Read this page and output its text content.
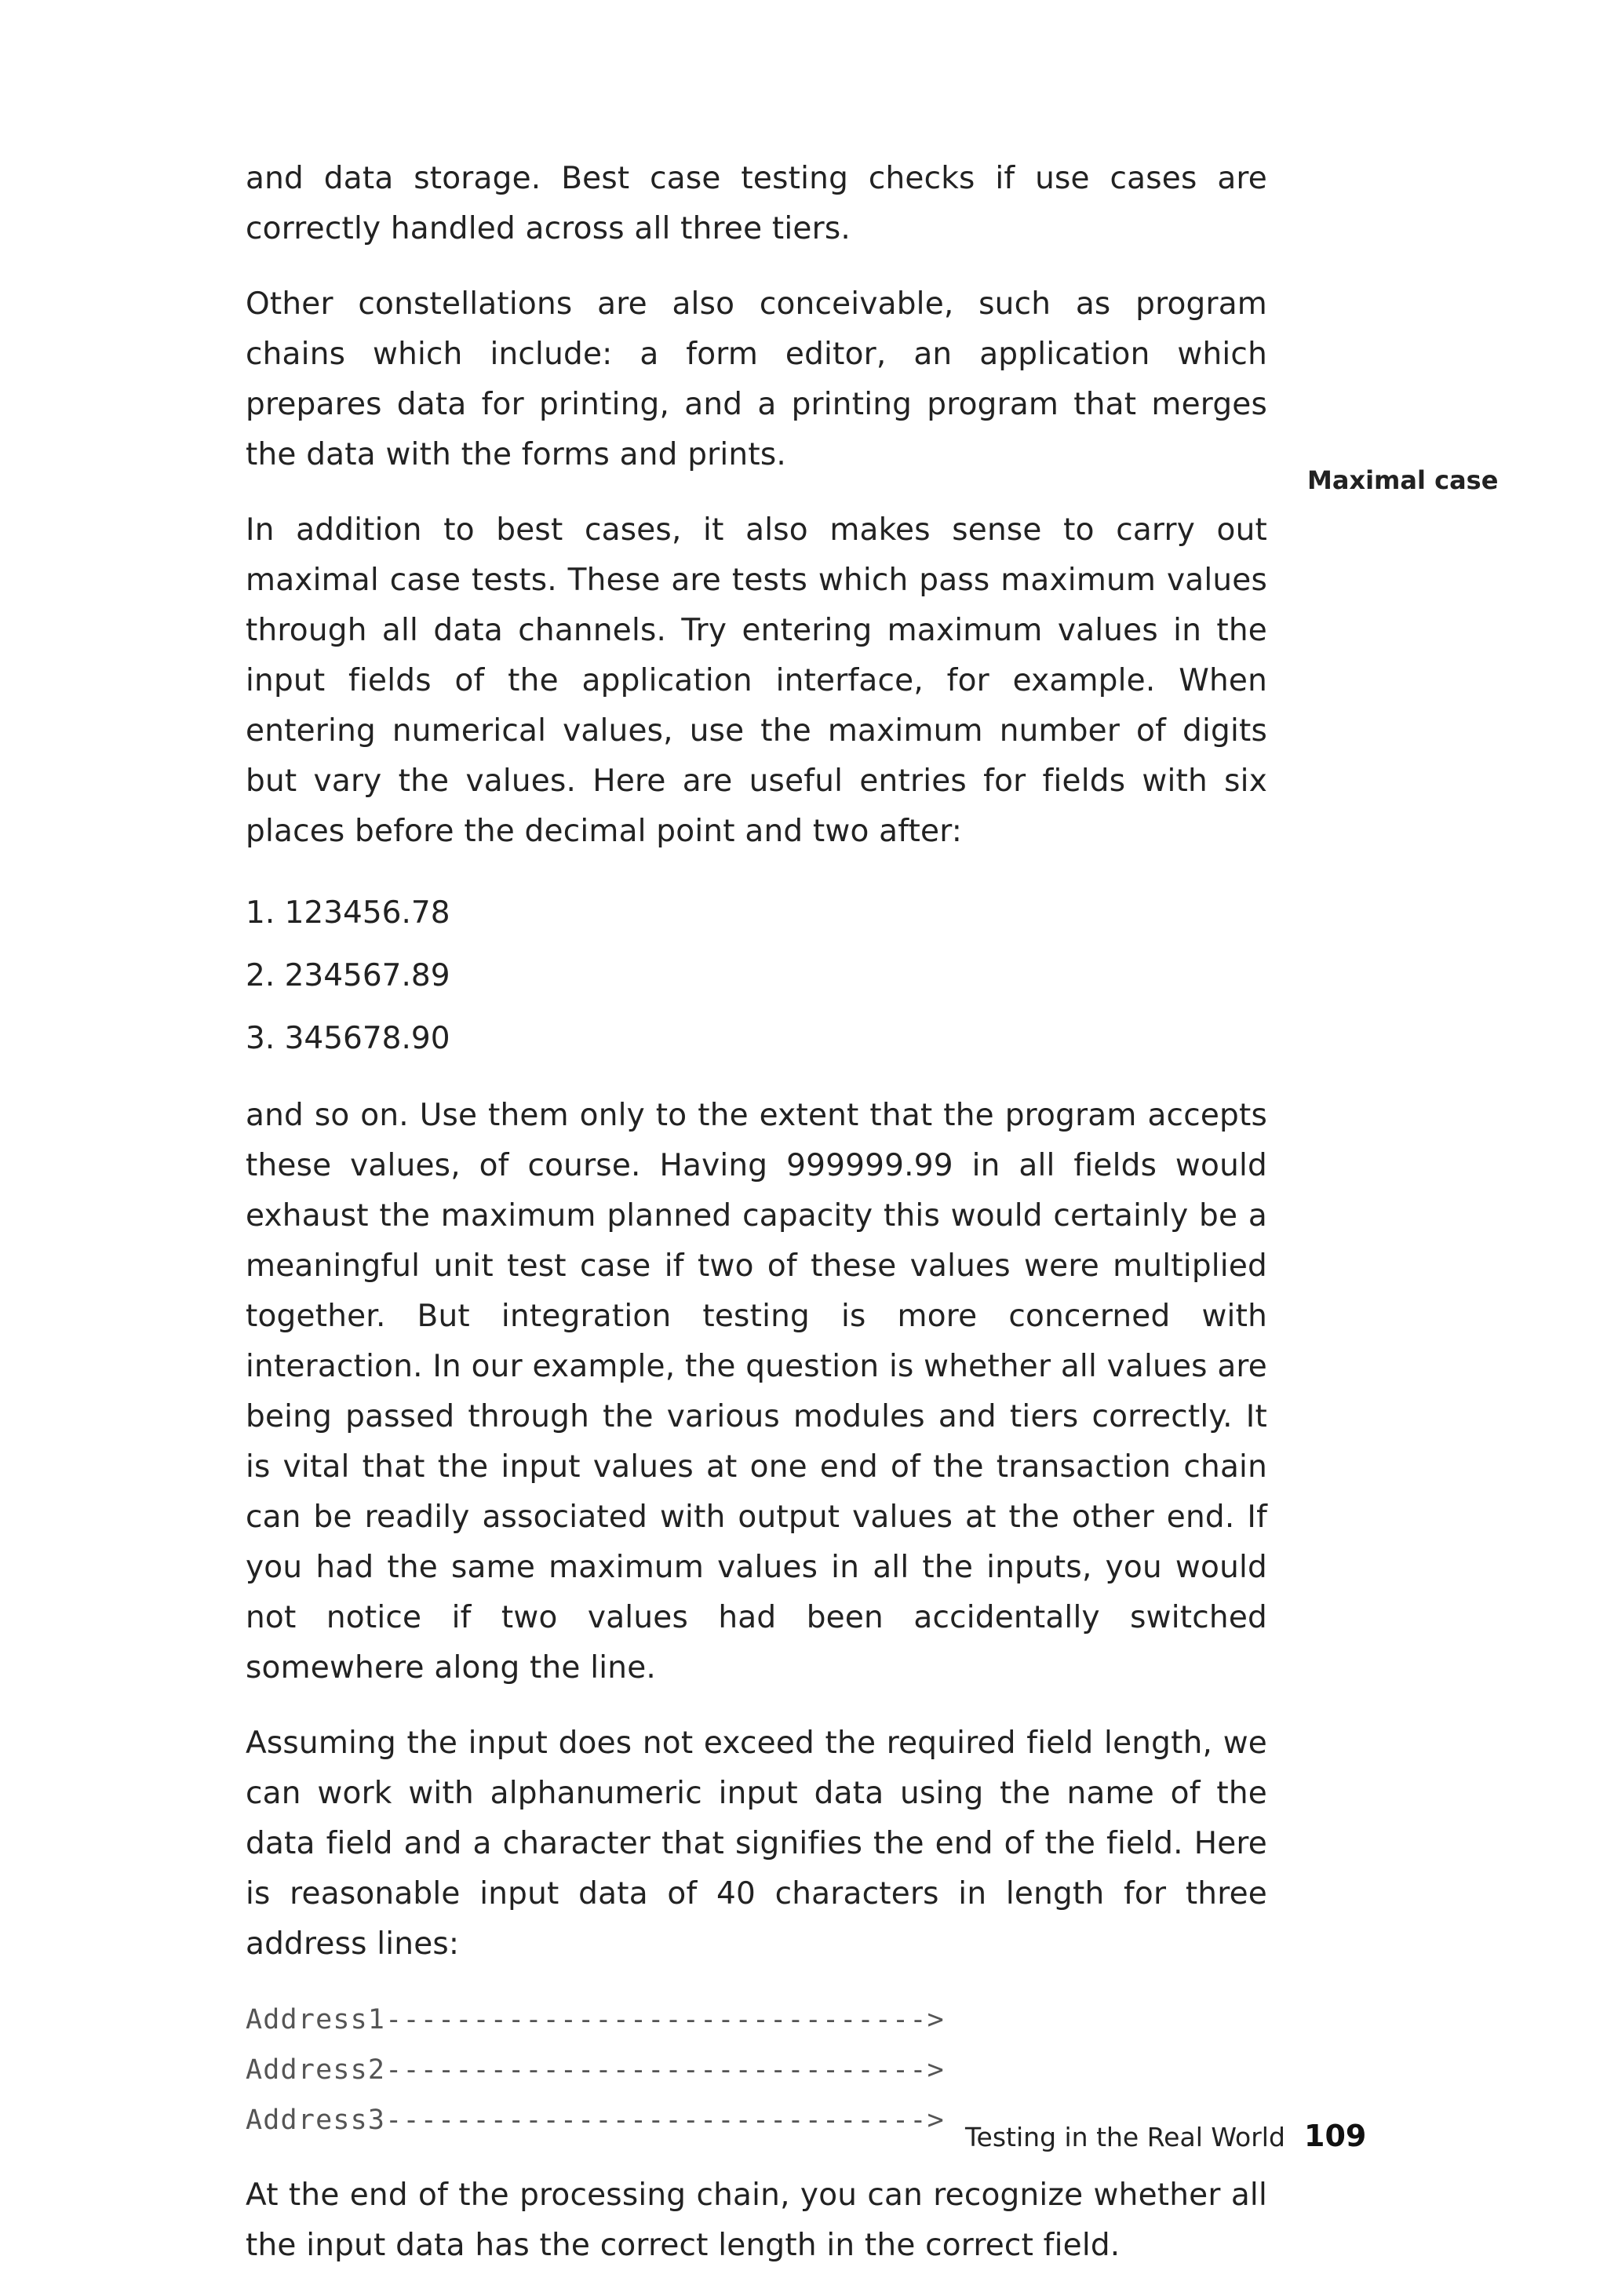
and data storage. Best case testing checks if use cases are correctly handled across all three tiers.

Other constellations are also conceivable, such as program chains which include: a form editor, an application which prepares data for printing, and a printing program that merges the data with the forms and prints.

In addition to best cases, it also makes sense to carry out maximal case tests. These are tests which pass maximum values through all data channels. Try entering maximum values in the input fields of the application interface, for example. When entering numerical values, use the maximum number of digits but vary the values. Here are useful entries for fields with six places before the decimal point and two after:

1. 123456.78
2. 234567.89
3. 345678.90

and so on. Use them only to the extent that the program accepts these values, of course. Having 999999.99 in all fields would exhaust the maximum planned capacity this would certainly be a meaningful unit test case if two of these values were multiplied together. But integration testing is more concerned with interaction. In our example, the question is whether all values are being passed through the various modules and tiers correctly. It is vital that the input values at one end of the transaction chain can be readily associated with output values at the other end. If you had the same maximum values in all the inputs, you would not notice if two values had been accidentally switched somewhere along the line.

Assuming the input does not exceed the required field length, we can work with alphanumeric input data using the name of the data field and a character that signifies the end of the field. Here is reasonable input data of 40 characters in length for three address lines:

Address1------------------------------->
Address2------------------------------->
Address3------------------------------->

At the end of the processing chain, you can recognize whether all the input data has the correct length in the correct field.

Maximal case
Testing in the Real World 109
